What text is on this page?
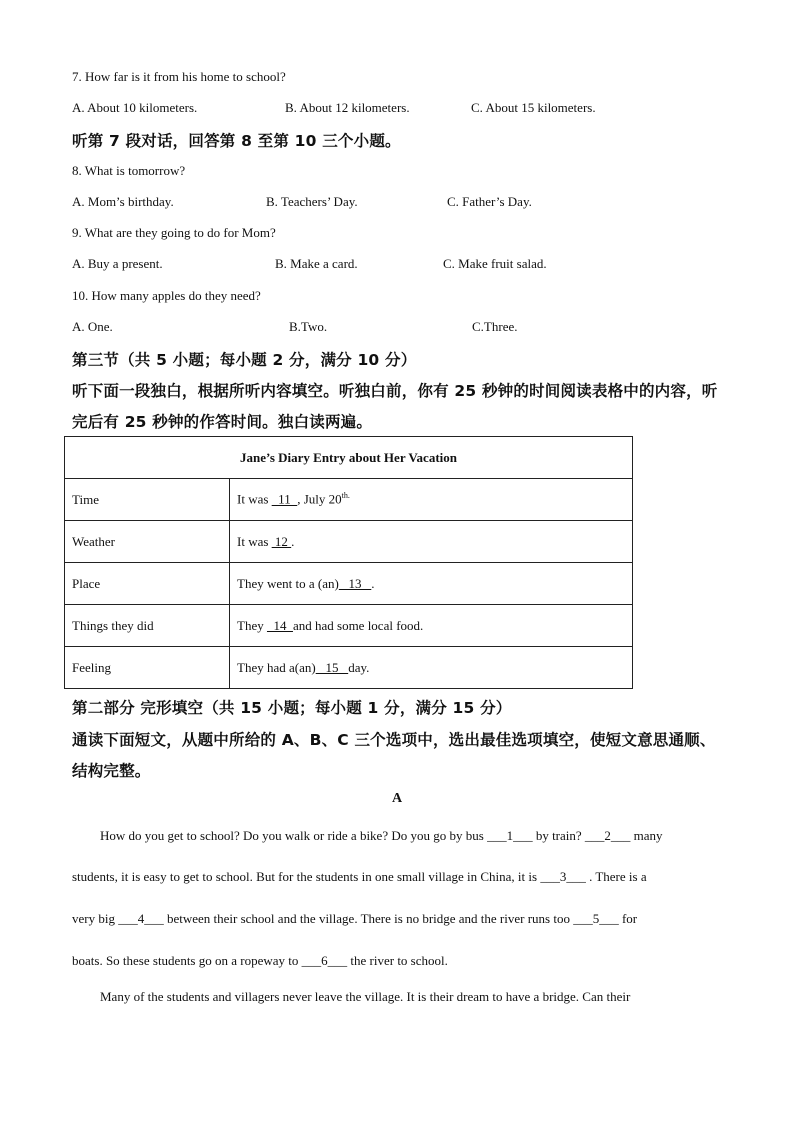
7. How far is it from his home to school?
A. About 10 kilometers.	B. About 12 kilometers.	C. About 15 kilometers.
听第 7 段对话，回答第 8 至第 10 三个小题。
8. What is tomorrow?
A. Mom’s birthday.	B. Teachers’ Day.	C. Father’s Day.
9. What are they going to do for Mom?
A. Buy a present.	B. Make a card.	C. Make fruit salad.
10. How many apples do they need?
A. One.	B.Two.	C.Three.
第三节（共 5 小题；每小题 2 分，满分 10 分）
听下面一段独白，根据所听内容填空。听独白前，你有 25 秒钟的时间阅读表格中的内容，听
完后有 25 秒钟的作答时间。独白读两遍。
Jane’s Diary Entry about Her Vacation	
Time	It was   11  , July $20^{th.}$
Weather	It was  12 .
Place	They went to a (an)   13   .
Things they did	They   14  and had some local food.
Feeling	They had a(an)   15   day.
第二部分 完形填空（共 15 小题；每小题 1 分，满分 15 分）
通读下面短文，从题中所给的 A、B、C 三个选项中，选出最佳选项填空，使短文意思通顺、
结构完整。
A
How do you get to school? Do you walk or ride a bike? Do you go by bus ___1___ by train? ___2___ many
students, it is easy to get to school. But for the students in one small village in China, it is ___3___ . There is a
very big ___4___ between their school and the village. There is no bridge and the river runs too ___5___ for
boats. So these students go on a ropeway to ___6___ the river to school.
Many of the students and villagers never leave the village. It is their dream to have a bridge. Can their
